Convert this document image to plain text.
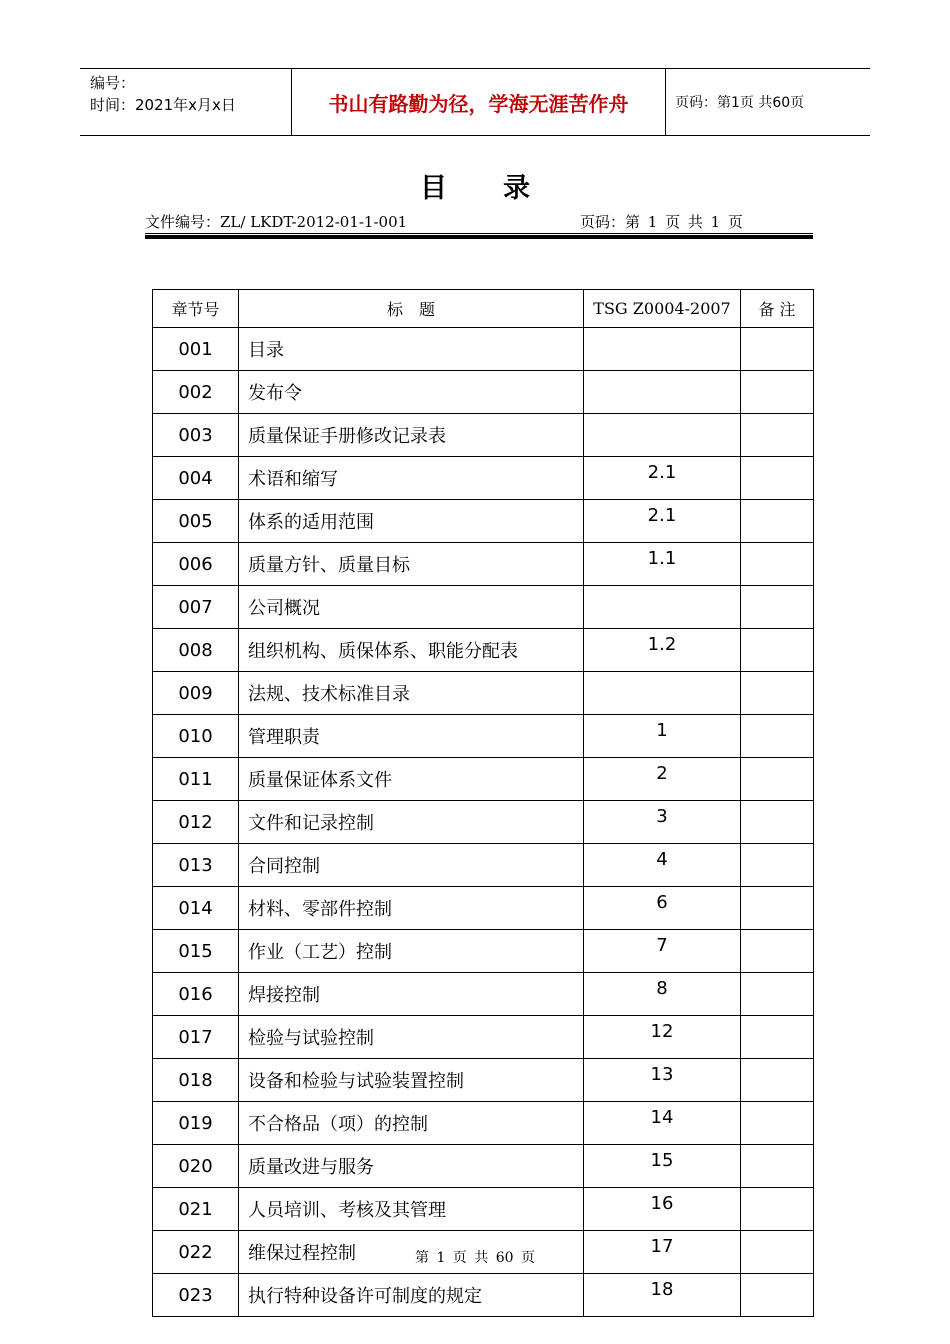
编号：
时间：2021年x月x日	书山有路勤为径，学海无涯苦作舟	页码：第1页 共60页
目录
文件编号：ZL/ LKDT-2012-01-1-001	页码：第 1 页 共 1 页
章节号	标　题	TSG Z0004-2007	备 注
001	目录		
002	发布令		
003	质量保证手册修改记录表		
004	术语和缩写	2.1	
005	体系的适用范围	2.1	
006	质量方针、质量目标	1.1	
007	公司概况		
008	组织机构、质保体系、职能分配表	1.2	
009	法规、技术标准目录		
010	管理职责	1	
011	质量保证体系文件	2	
012	文件和记录控制	3	
013	合同控制	4	
014	材料、零部件控制	6	
015	作业（工艺）控制	7	
016	焊接控制	8	
017	检验与试验控制	12	
018	设备和检验与试验装置控制	13	
019	不合格品（项）的控制	14	
020	质量改进与服务	15	
021	人员培训、考核及其管理	16	
022	维保过程控制	17	
023	执行特种设备许可制度的规定	18	
第 1 页 共 60 页
